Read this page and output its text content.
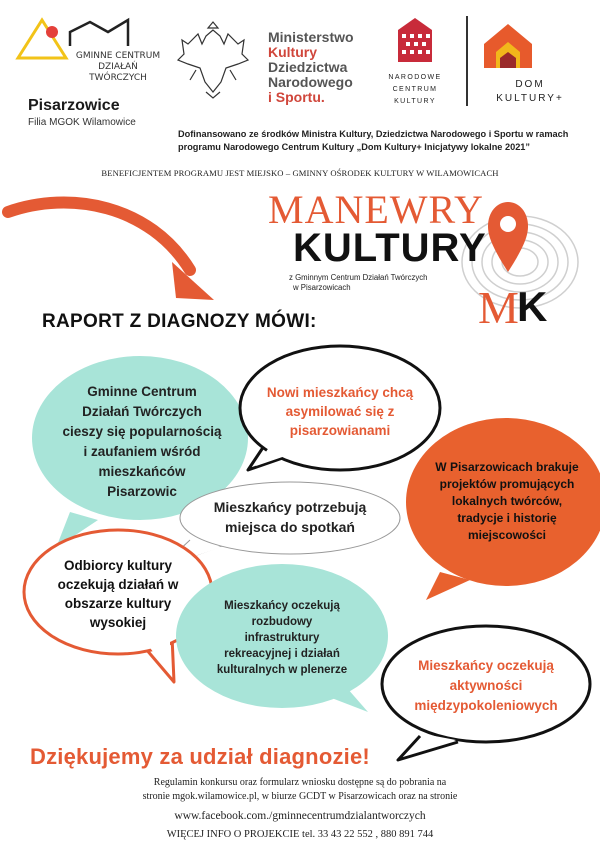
GMINNE CENTRUM
DZIAŁAŃ TWÓRCZYCH
Pisarzowice
Filia MGOK Wilamowice
Ministerstwo
Kultury
Dziedzictwa
Narodowego
i Sportu.
NARODOWE
CENTRUM
KULTURY
DOM
KULTURY+
Dofinansowano ze środków Ministra Kultury, Dziedzictwa Narodowego i Sportu w ramach programu Narodowego Centrum Kultury „Dom Kultury+ Inicjatywy lokalne 2021”
BENEFICJENTEM PROGRAMU JEST MIEJSKO – GMINNY OŚRODEK KULTURY W WILAMOWICACH
MANEWRY
KULTURY
z Gminnym Centrum Działań Twórczych
w Pisarzowicach	M
K
RAPORT Z DIAGNOZY MÓWI:
Gminne Centrum
Działań Twórczych
cieszy się popularnością
i zaufaniem wśród
mieszkańców
Pisarzowic
Nowi mieszkańcy chcą
asymilować się z
pisarzowianami
W Pisarzowicach brakuje
projektów promujących
lokalnych twórców,
tradycje i historię
miejscowości
Mieszkańcy potrzebują
miejsca do spotkań
Odbiorcy kultury
oczekują działań w
obszarze kultury
wysokiej
Mieszkańcy oczekują
rozbudowy
infrastruktury
rekreacyjnej i działań
kulturalnych w plenerze	Mieszkańcy oczekują
aktywności
międzypokoleniowych
Dziękujemy za udział diagnozie!
Regulamin konkursu oraz formularz wniosku dostępne są do pobrania na
stronie mgok.wilamowice.pl, w biurze GCDT w Pisarzowicach oraz na stronie
www.facebook.com./gminnecentrumdzialantworczych
WIĘCEJ INFO O PROJEKCIE tel. 33 43 22 552 , 880 891 744
